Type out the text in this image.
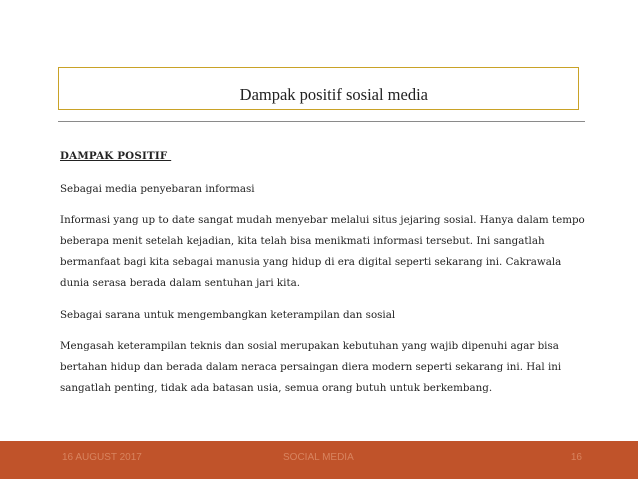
Dampak positif sosial media
DAMPAK POSITIF
Sebagai media penyebaran informasi
Informasi yang up to date sangat mudah menyebar melalui situs jejaring sosial. Hanya dalam tempo beberapa menit setelah kejadian, kita telah bisa menikmati informasi tersebut. Ini sangatlah bermanfaat bagi kita sebagai manusia yang hidup di era digital seperti sekarang ini. Cakrawala dunia serasa berada dalam sentuhan jari kita.
Sebagai sarana untuk mengembangkan keterampilan dan sosial
Mengasah keterampilan teknis dan sosial merupakan kebutuhan yang wajib dipenuhi agar bisa bertahan hidup dan berada dalam neraca persaingan diera modern seperti sekarang ini. Hal ini sangatlah penting, tidak ada batasan usia, semua orang butuh untuk berkembang.
16 AUGUST 2017	SOCIAL MEDIA	16
